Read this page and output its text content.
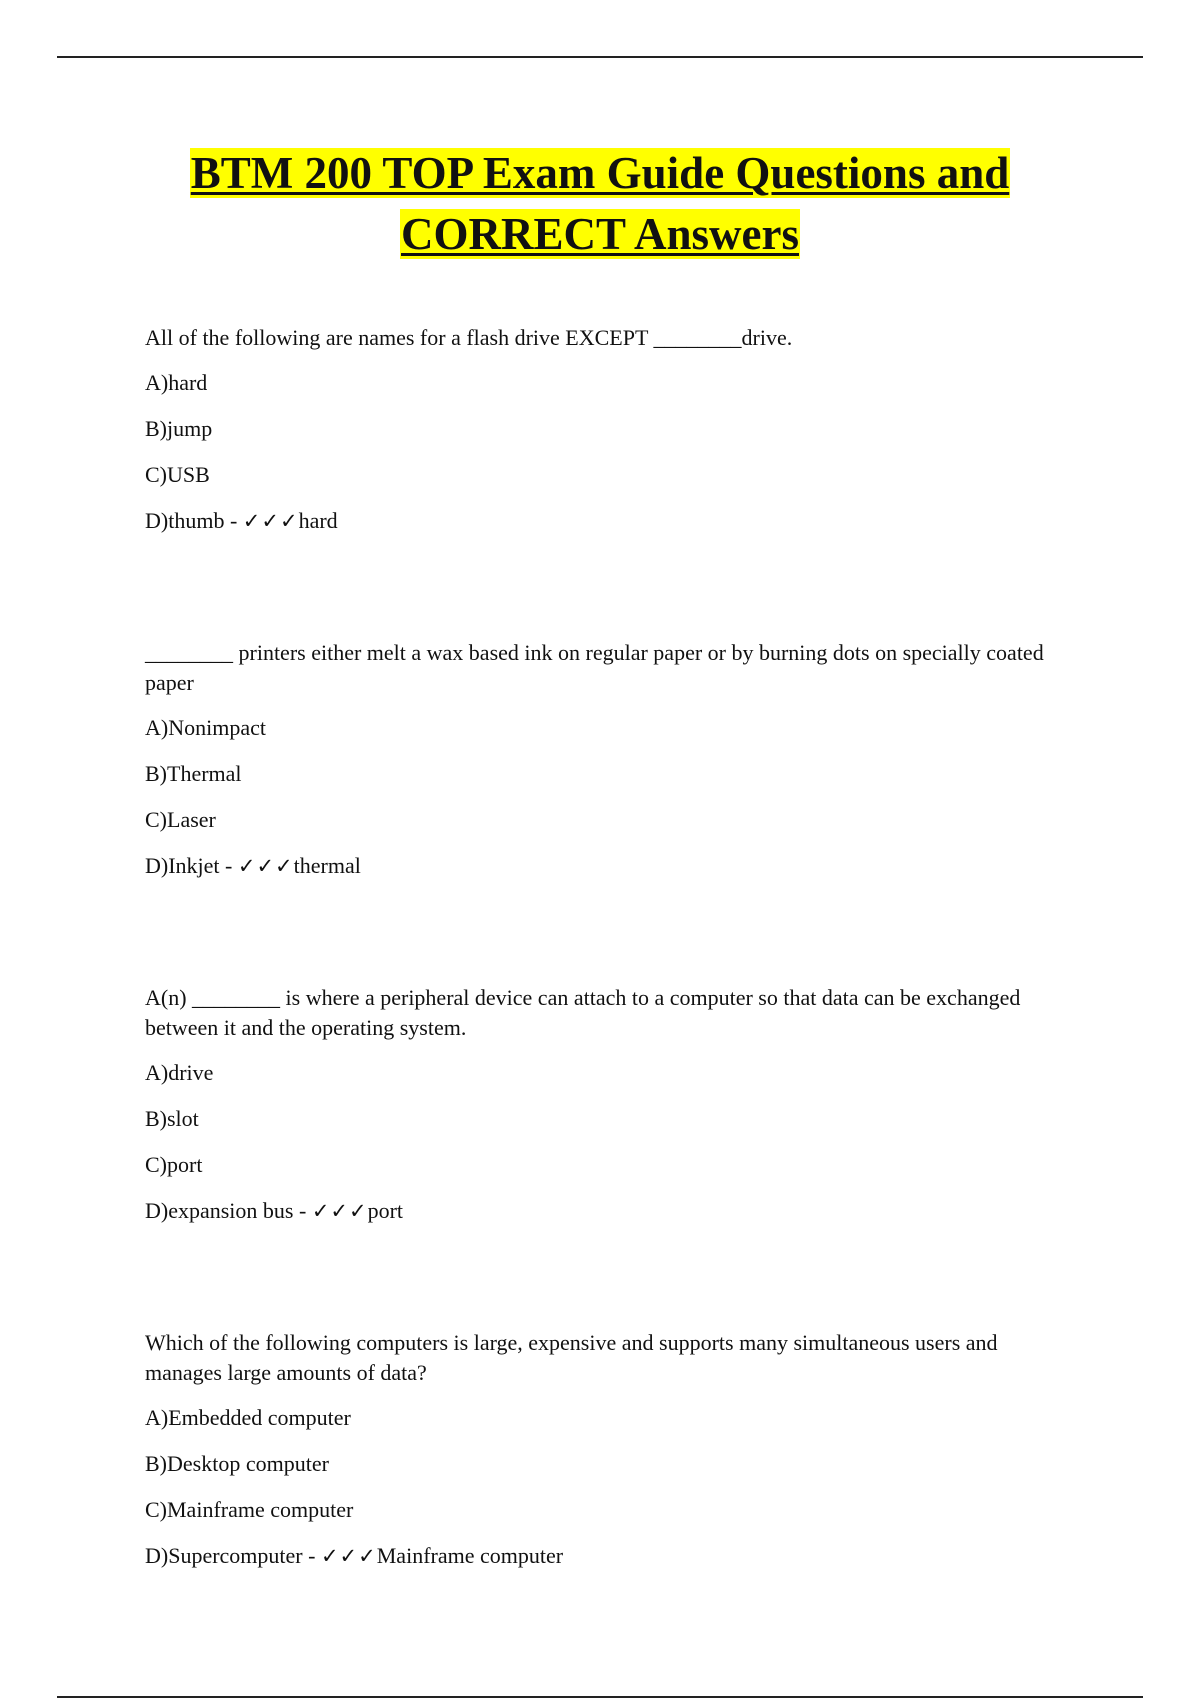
BTM 200 TOP Exam Guide Questions and
CORRECT Answers
All of the following are names for a flash drive EXCEPT ________drive.
A)hard
B)jump
C)USB
D)thumb - ✓✓✓hard
________ printers either melt a wax based ink on regular paper or by burning dots on specially coated paper
A)Nonimpact
B)Thermal
C)Laser
D)Inkjet - ✓✓✓thermal
A(n) ________ is where a peripheral device can attach to a computer so that data can be exchanged between it and the operating system.
A)drive
B)slot
C)port
D)expansion bus - ✓✓✓port
Which of the following computers is large, expensive and supports many simultaneous users and manages large amounts of data?
A)Embedded computer
B)Desktop computer
C)Mainframe computer
D)Supercomputer - ✓✓✓Mainframe computer
